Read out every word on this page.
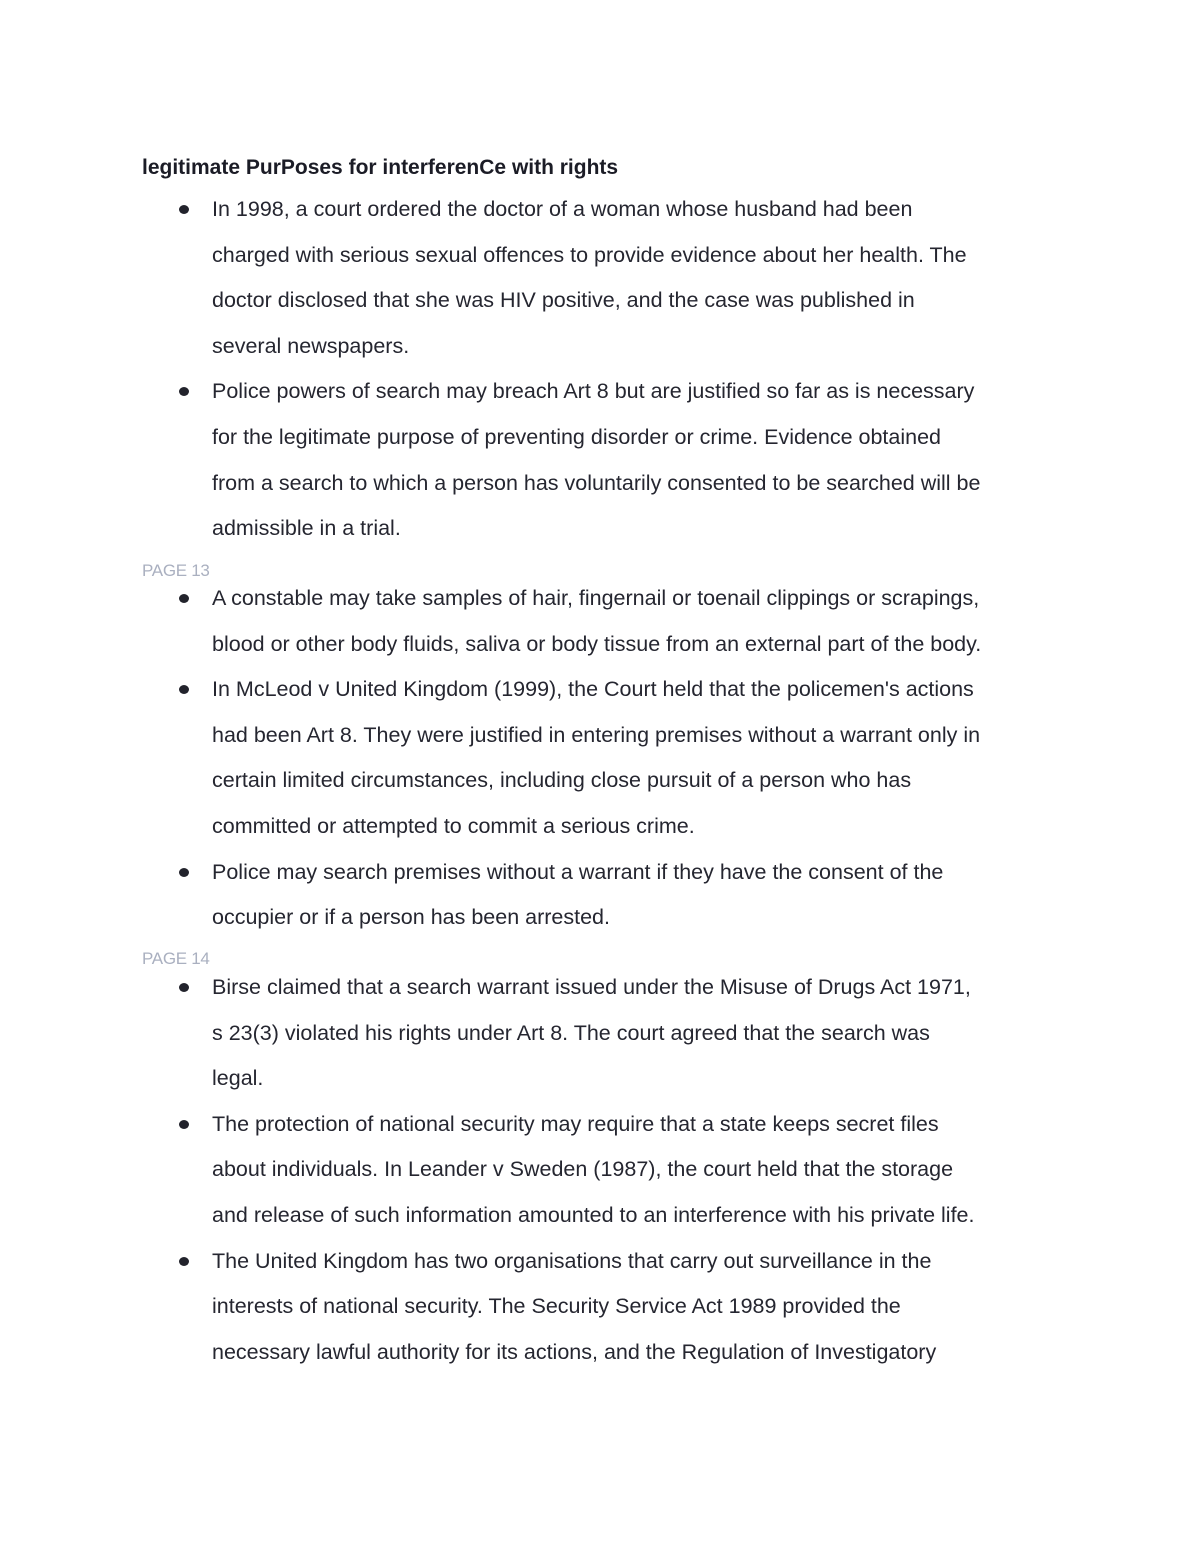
legitimate PurPoses for interferenCe with rights
In 1998, a court ordered the doctor of a woman whose husband had been
charged with serious sexual offences to provide evidence about her health. The
doctor disclosed that she was HIV positive, and the case was published in
several newspapers.
Police powers of search may breach Art 8 but are justified so far as is necessary
for the legitimate purpose of preventing disorder or crime. Evidence obtained
from a search to which a person has voluntarily consented to be searched will be
admissible in a trial.
PAGE 13
A constable may take samples of hair, fingernail or toenail clippings or scrapings,
blood or other body fluids, saliva or body tissue from an external part of the body.
In McLeod v United Kingdom (1999), the Court held that the policemen's actions
had been Art 8. They were justified in entering premises without a warrant only in
certain limited circumstances, including close pursuit of a person who has
committed or attempted to commit a serious crime.
Police may search premises without a warrant if they have the consent of the
occupier or if a person has been arrested.
PAGE 14
Birse claimed that a search warrant issued under the Misuse of Drugs Act 1971,
s 23(3) violated his rights under Art 8. The court agreed that the search was
legal.
The protection of national security may require that a state keeps secret files
about individuals. In Leander v Sweden (1987), the court held that the storage
and release of such information amounted to an interference with his private life.
The United Kingdom has two organisations that carry out surveillance in the
interests of national security. The Security Service Act 1989 provided the
necessary lawful authority for its actions, and the Regulation of Investigatory
